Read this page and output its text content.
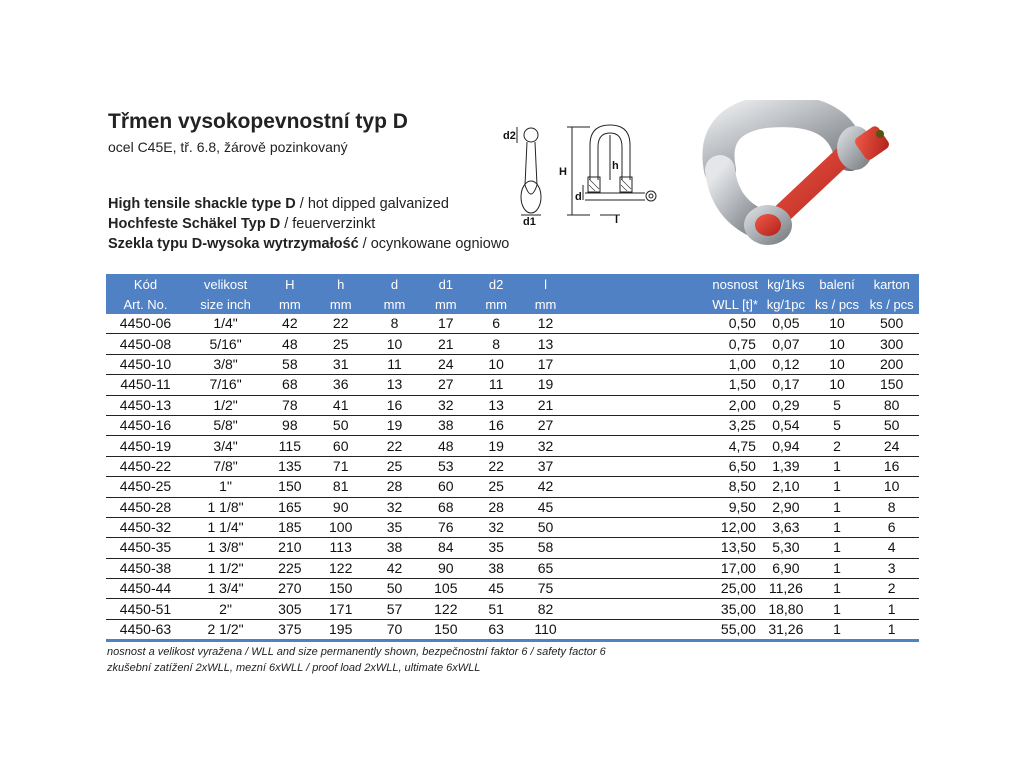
Třmen vysokopevnostní typ D
ocel C45E, tř. 6.8, žárově pozinkovaný
High tensile shackle type D / hot dipped galvanized
Hochfeste Schäkel Typ D / feuerverzinkt
Szekla typu D-wysoka wytrzymałość / ocynkowane ogniowo
d2
d1
H	h
d
l
Kód	velikost	H	h	d	d1	d2	l	nosnost	kg/1ks	balení	karton
Art. No.	size inch	mm	mm	mm	mm	mm	mm	WLL [t]*	kg/1pc	ks / pcs	ks / pcs
4450-06	1/4"	42	22	8	17	6	12	0,50	0,05	10	500
4450-08	5/16"	48	25	10	21	8	13	0,75	0,07	10	300
4450-10	3/8"	58	31	11	24	10	17	1,00	0,12	10	200
4450-11	7/16"	68	36	13	27	11	19	1,50	0,17	10	150
4450-13	1/2"	78	41	16	32	13	21	2,00	0,29	5	80
4450-16	5/8"	98	50	19	38	16	27	3,25	0,54	5	50
4450-19	3/4"	115	60	22	48	19	32	4,75	0,94	2	24
4450-22	7/8"	135	71	25	53	22	37	6,50	1,39	1	16
4450-25	1"	150	81	28	60	25	42	8,50	2,10	1	10
4450-28	1 1/8"	165	90	32	68	28	45	9,50	2,90	1	8
4450-32	1 1/4"	185	100	35	76	32	50	12,00	3,63	1	6
4450-35	1 3/8"	210	113	38	84	35	58	13,50	5,30	1	4
4450-38	1 1/2"	225	122	42	90	38	65	17,00	6,90	1	3
4450-44	1 3/4"	270	150	50	105	45	75	25,00	11,26	1	2
4450-51	2"	305	171	57	122	51	82	35,00	18,80	1	1
4450-63	2 1/2"	375	195	70	150	63	110	55,00	31,26	1	1
nosnost a velikost vyražena / WLL and size permanently shown, bezpečnostní faktor 6 / safety factor 6
zkušební zatížení 2xWLL, mezní 6xWLL / proof load 2xWLL, ultimate 6xWLL
